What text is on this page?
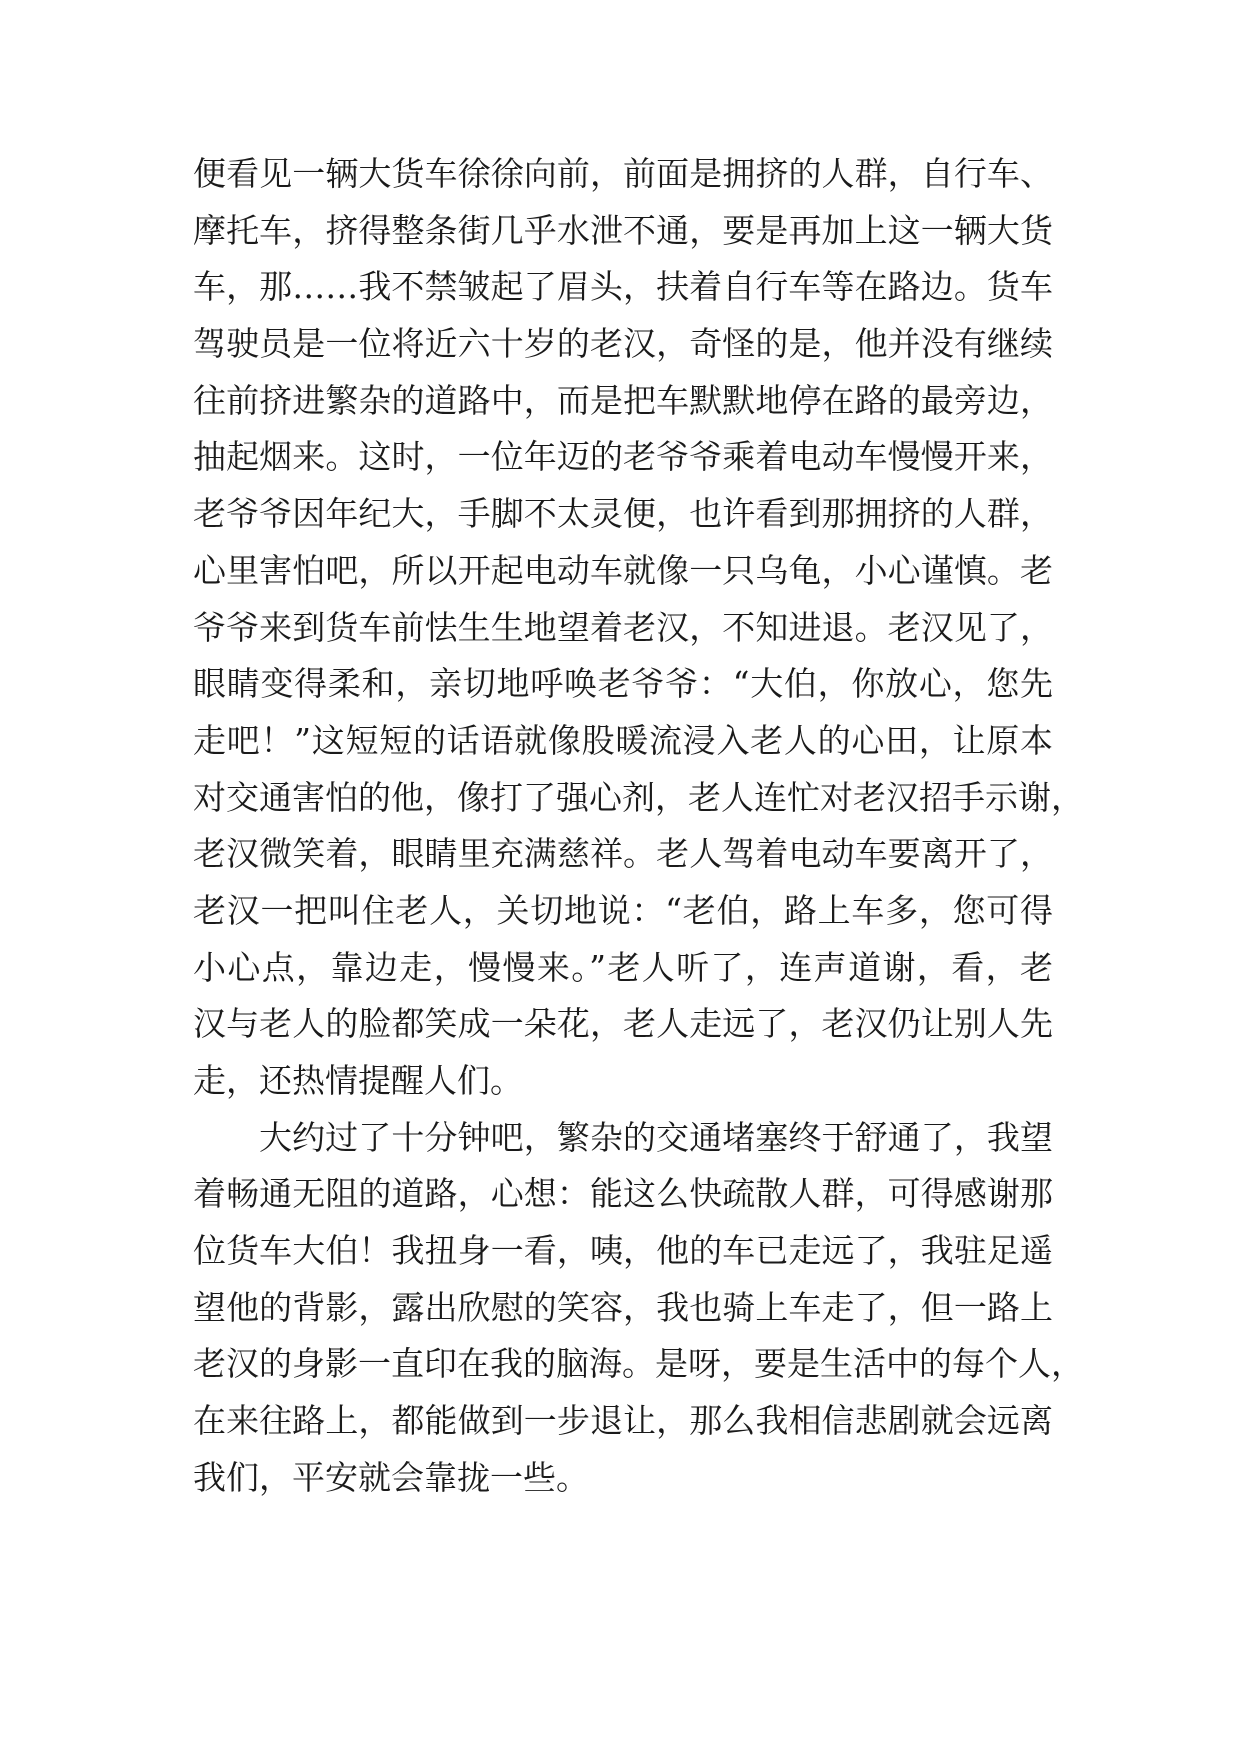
便看见一辆大货车徐徐向前，前面是拥挤的人群，自行车、
摩托车，挤得整条街几乎水泄不通，要是再加上这一辆大货
车，那……我不禁皱起了眉头，扶着自行车等在路边。货车
驾驶员是一位将近六十岁的老汉，奇怪的是，他并没有继续
往前挤进繁杂的道路中，而是把车默默地停在路的最旁边，
抽起烟来。这时，一位年迈的老爷爷乘着电动车慢慢开来，
老爷爷因年纪大，手脚不太灵便，也许看到那拥挤的人群，
心里害怕吧，所以开起电动车就像一只乌龟，小心谨慎。老
爷爷来到货车前怯生生地望着老汉，不知进退。老汉见了，
眼睛变得柔和，亲切地呼唤老爷爷：“大伯，你放心，您先
走吧！”这短短的话语就像股暖流浸入老人的心田，让原本
对交通害怕的他，像打了强心剂，老人连忙对老汉招手示谢，
老汉微笑着，眼睛里充满慈祥。老人驾着电动车要离开了，
老汉一把叫住老人，关切地说：“老伯，路上车多，您可得
小心点，靠边走，慢慢来。”老人听了，连声道谢，看，老
汉与老人的脸都笑成一朵花，老人走远了，老汉仍让别人先
走，还热情提醒人们。
大约过了十分钟吧，繁杂的交通堵塞终于舒通了，我望
着畅通无阻的道路，心想：能这么快疏散人群，可得感谢那
位货车大伯！我扭身一看，咦，他的车已走远了，我驻足遥
望他的背影，露出欣慰的笑容，我也骑上车走了，但一路上
老汉的身影一直印在我的脑海。是呀，要是生活中的每个人，
在来往路上，都能做到一步退让，那么我相信悲剧就会远离
我们，平安就会靠拢一些。
